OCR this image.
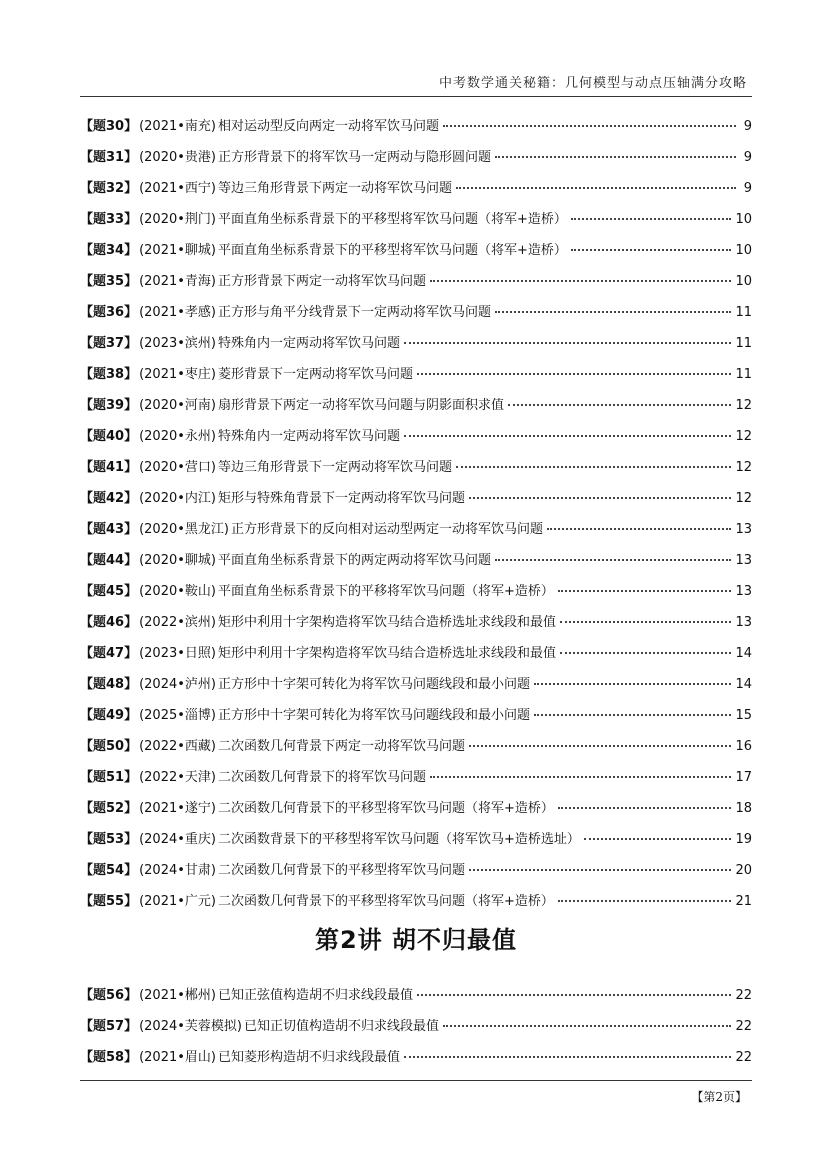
中考数学通关秘籍：几何模型与动点压轴满分攻略
【题30】 (2021•南充) 相对运动型反向两定一动将军饮马问题	9
【题31】 (2020•贵港) 正方形背景下的将军饮马一定两动与隐形圆问题	9
【题32】 (2021•西宁) 等边三角形背景下两定一动将军饮马问题	9
【题33】 (2020•荆门) 平面直角坐标系背景下的平移型将军饮马问题（将军+造桥）	10
【题34】 (2021•聊城) 平面直角坐标系背景下的平移型将军饮马问题（将军+造桥）	10
【题35】 (2021•青海) 正方形背景下两定一动将军饮马问题	10
【题36】 (2021•孝感) 正方形与角平分线背景下一定两动将军饮马问题	11
【题37】 (2023•滨州) 特殊角内一定两动将军饮马问题	11
【题38】 (2021•枣庄) 菱形背景下一定两动将军饮马问题	11
【题39】 (2020•河南) 扇形背景下两定一动将军饮马问题与阴影面积求值	12
【题40】 (2020•永州) 特殊角内一定两动将军饮马问题	12
【题41】 (2020•营口) 等边三角形背景下一定两动将军饮马问题	12
【题42】 (2020•内江) 矩形与特殊角背景下一定两动将军饮马问题	12
【题43】 (2020•黑龙江) 正方形背景下的反向相对运动型两定一动将军饮马问题	13
【题44】 (2020•聊城) 平面直角坐标系背景下的两定两动将军饮马问题	13
【题45】 (2020•鞍山) 平面直角坐标系背景下的平移将军饮马问题（将军+造桥）	13
【题46】 (2022•滨州) 矩形中利用十字架构造将军饮马结合造桥选址求线段和最值	13
【题47】 (2023•日照) 矩形中利用十字架构造将军饮马结合造桥选址求线段和最值	14
【题48】 (2024•泸州) 正方形中十字架可转化为将军饮马问题线段和最小问题	14
【题49】 (2025•淄博) 正方形中十字架可转化为将军饮马问题线段和最小问题	15
【题50】 (2022•西藏) 二次函数几何背景下两定一动将军饮马问题	16
【题51】 (2022•天津) 二次函数几何背景下的将军饮马问题	17
【题52】 (2021•遂宁) 二次函数几何背景下的平移型将军饮马问题（将军+造桥）	18
【题53】 (2024•重庆) 二次函数背景下的平移型将军饮马问题（将军饮马+造桥选址）	19
【题54】 (2024•甘肃) 二次函数几何背景下的平移型将军饮马问题	20
【题55】 (2021•广元) 二次函数几何背景下的平移型将军饮马问题（将军+造桥）	21
第2讲 胡不归最值
【题56】 (2021•郴州) 已知正弦值构造胡不归求线段最值	22
【题57】 (2024•芙蓉模拟) 已知正切值构造胡不归求线段最值	22
【题58】 (2021•眉山) 已知菱形构造胡不归求线段最值	22
【第2页】
